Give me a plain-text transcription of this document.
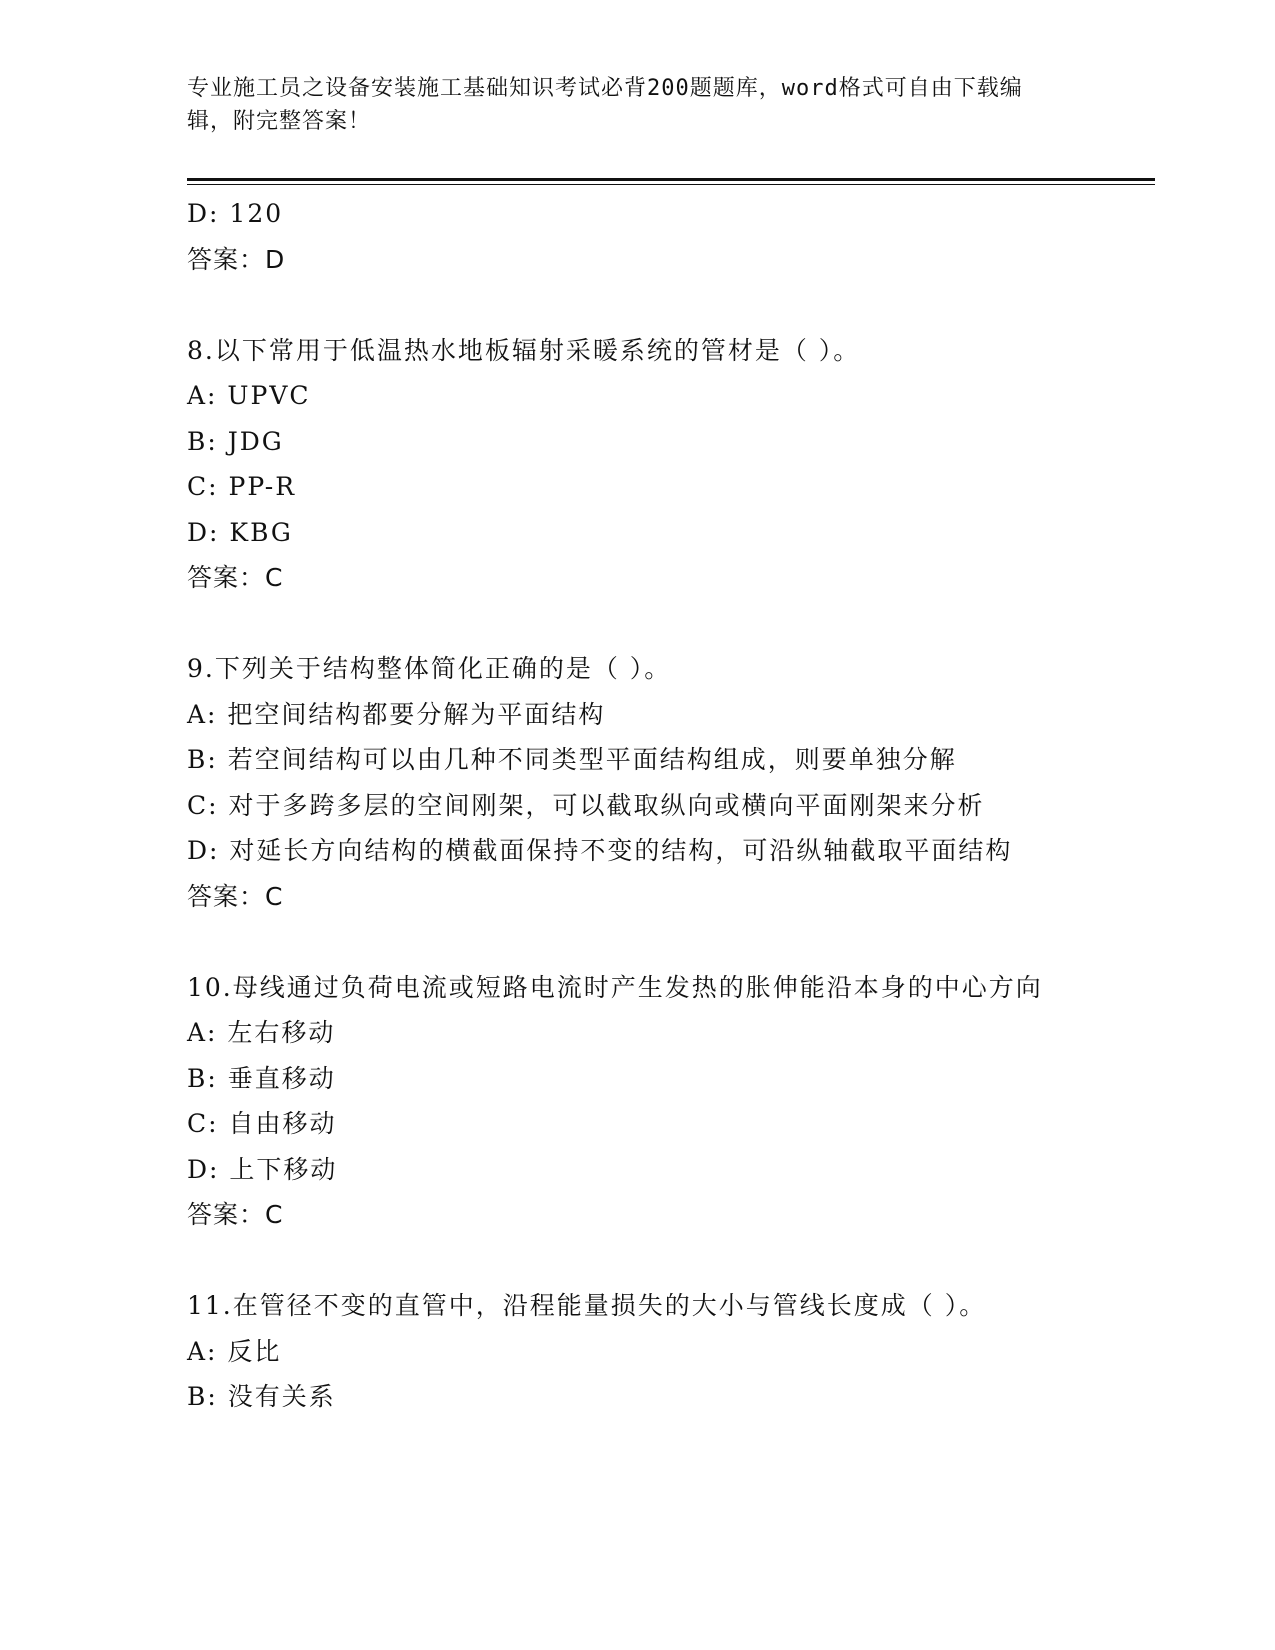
专业施工员之设备安装施工基础知识考试必背200题题库，word格式可自由下载编辑，附完整答案！
D: 120
答案：D
8.以下常用于低温热水地板辐射采暖系统的管材是（ ）。
A: UPVC
B: JDG
C: PP-R
D: KBG
答案：C
9.下列关于结构整体简化正确的是（ ）。
A: 把空间结构都要分解为平面结构
B: 若空间结构可以由几种不同类型平面结构组成，则要单独分解
C: 对于多跨多层的空间刚架，可以截取纵向或横向平面刚架来分析
D: 对延长方向结构的横截面保持不变的结构，可沿纵轴截取平面结构
答案：C
10.母线通过负荷电流或短路电流时产生发热的胀伸能沿本身的中心方向
A: 左右移动
B: 垂直移动
C: 自由移动
D: 上下移动
答案：C
11.在管径不变的直管中，沿程能量损失的大小与管线长度成（ ）。
A: 反比
B: 没有关系
